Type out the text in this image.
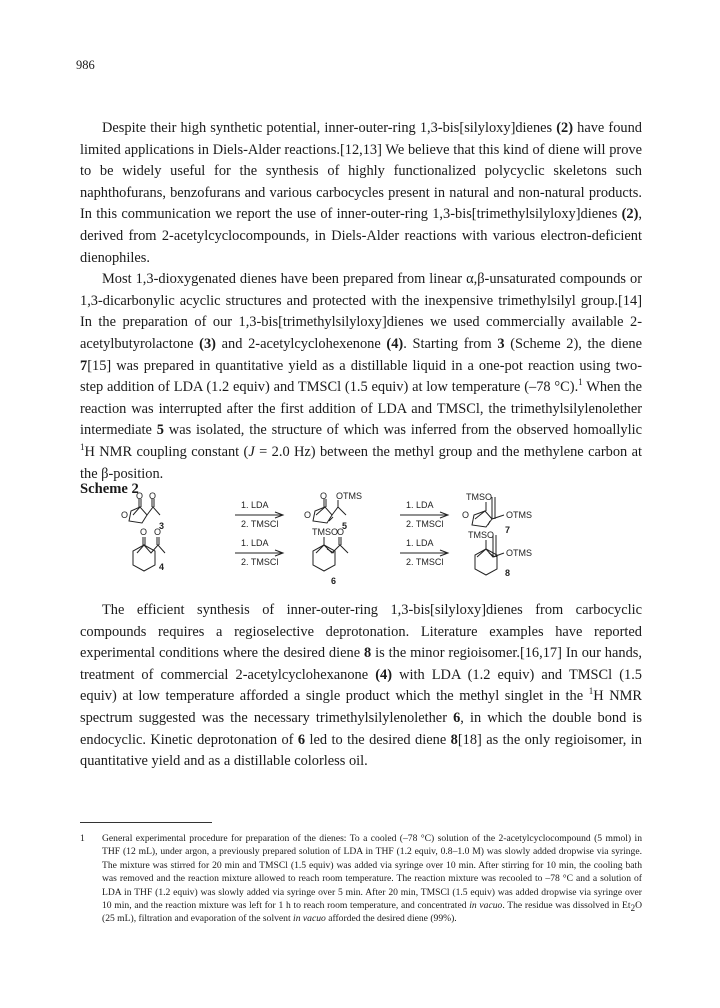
986

Despite their high synthetic potential, inner-outer-ring 1,3-bis[silyloxy]dienes (2) have found limited applications in Diels-Alder reactions.[12,13] We believe that this kind of diene will prove to be widely useful for the synthesis of highly functionalized polycyclic skeletons such naphthofurans, benzofurans and various carbocycles present in natural and non-natural products. In this communication we report the use of inner-outer-ring 1,3-bis[trimethylsilyloxy]dienes (2), derived from 2-acetylcyclocompounds, in Diels-Alder reactions with various electron-deficient dienophiles.

Most 1,3-dioxygenated dienes have been prepared from linear α,β-unsaturated compounds or 1,3-dicarbonylic acyclic structures and protected with the inexpensive trimethylsilyl group.[14] In the preparation of our 1,3-bis[trimethylsilyloxy]dienes we used commercially available 2-acetylbutyrolactone (3) and 2-acetylcyclohexenone (4). Starting from 3 (Scheme 2), the diene 7[15] was prepared in quantitative yield as a distillable liquid in a one-pot reaction using two-step addition of LDA (1.2 equiv) and TMSCl (1.5 equiv) at low temperature (–78 °C).$^1$ When the reaction was interrupted after the first addition of LDA and TMSCl, the trimethylsilylenolether intermediate 5 was isolated, the structure of which was inferred from the observed homoallylic $^1$H NMR coupling constant (J = 2.0 Hz) between the methyl group and the methylene carbon at the β-position.

Scheme 2
O O
O
3
1. LDA
2. TMSCl
O OTMS
O
5
1. LDA
2. TMSCl
TMSO
O	OTMS
7
O O
4
1. LDA
2. TMSCl
TMSO O
6
1. LDA
2. TMSCl
TMSO
OTMS
8

The efficient synthesis of inner-outer-ring 1,3-bis[silyloxy]dienes from carbocyclic compounds requires a regioselective deprotonation. Literature examples have reported experimental conditions where the desired diene 8 is the minor regioisomer.[16,17] In our hands, treatment of commercial 2-acetylcyclohexanone (4) with LDA (1.2 equiv) and TMSCl (1.5 equiv) at low temperature afforded a single product which the methyl singlet in the $^1$H NMR spectrum suggested was the necessary trimethylsilylenolether 6, in which the double bond is endocyclic. Kinetic deprotonation of 6 led to the desired diene 8[18] as the only regioisomer, in quantitative yield and as a distillable colorless oil.

1 General experimental procedure for preparation of the dienes: To a cooled (–78 °C) solution of the 2-acetylcyclocompound (5 mmol) in THF (12 mL), under argon, a previously prepared solution of LDA in THF (1.2 equiv, 0.8–1.0 M) was slowly added dropwise via syringe. The mixture was stirred for 20 min and TMSCl (1.5 equiv) was added via syringe over 10 min. After stirring for 10 min, the cooling bath was removed and the reaction mixture allowed to reach room temperature. The reaction mixture was recooled to –78 °C and a solution of LDA in THF (1.2 equiv) was slowly added via syringe over 5 min. After 20 min, TMSCl (1.5 equiv) was added dropwise via syringe over 10 min, and the reaction mixture was left for 1 h to reach room temperature, and concentrated in vacuo. The residue was dissolved in $Et_2O$ (25 mL), filtration and evaporation of the solvent in vacuo afforded the desired diene (99%).
